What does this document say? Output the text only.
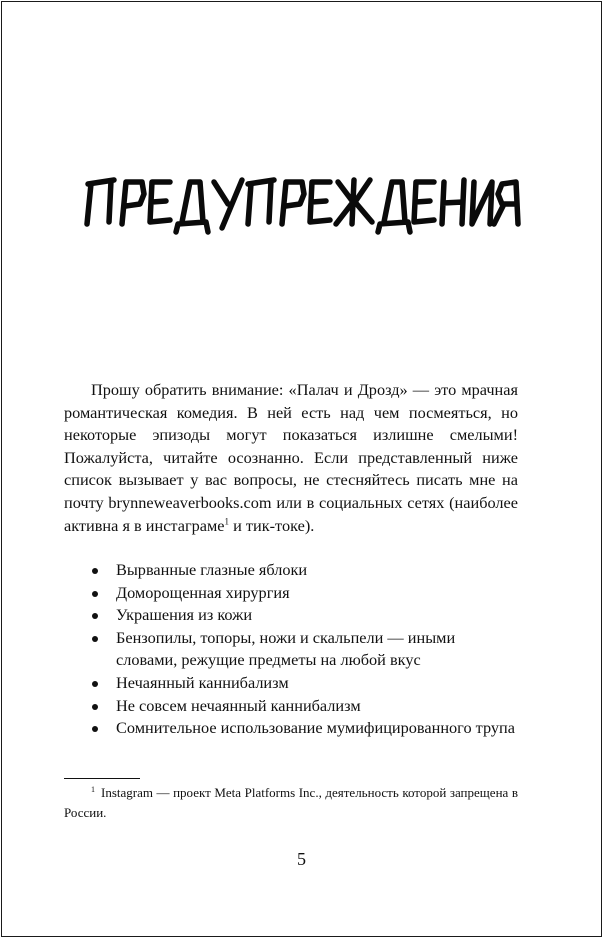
Прошу обратить внимание: «Палач и Дрозд» — это мрачная романтическая комедия. В ней есть над чем посмеяться, но некоторые эпизоды могут показаться излишне смелыми! Пожалуйста, читайте осознанно. Если представленный ниже список вызывает у вас вопросы, не стесняйтесь писать мне на почту brynneweaverbooks.com или в социальных сетях (наиболее активна я в инстаграме$^1$ и тик-токе).

Вырванные глазные яблоки
Доморощенная хирургия
Украшения из кожи
Бензопилы, топоры, ножи и скальпели — иными словами, режущие предметы на любой вкус
Нечаянный каннибализм
Не совсем нечаянный каннибализм
Сомнительное использование мумифицированного трупа
$^1$ Instagram — проект Meta Platforms Inc., деятельность которой запрещена в России.
5
